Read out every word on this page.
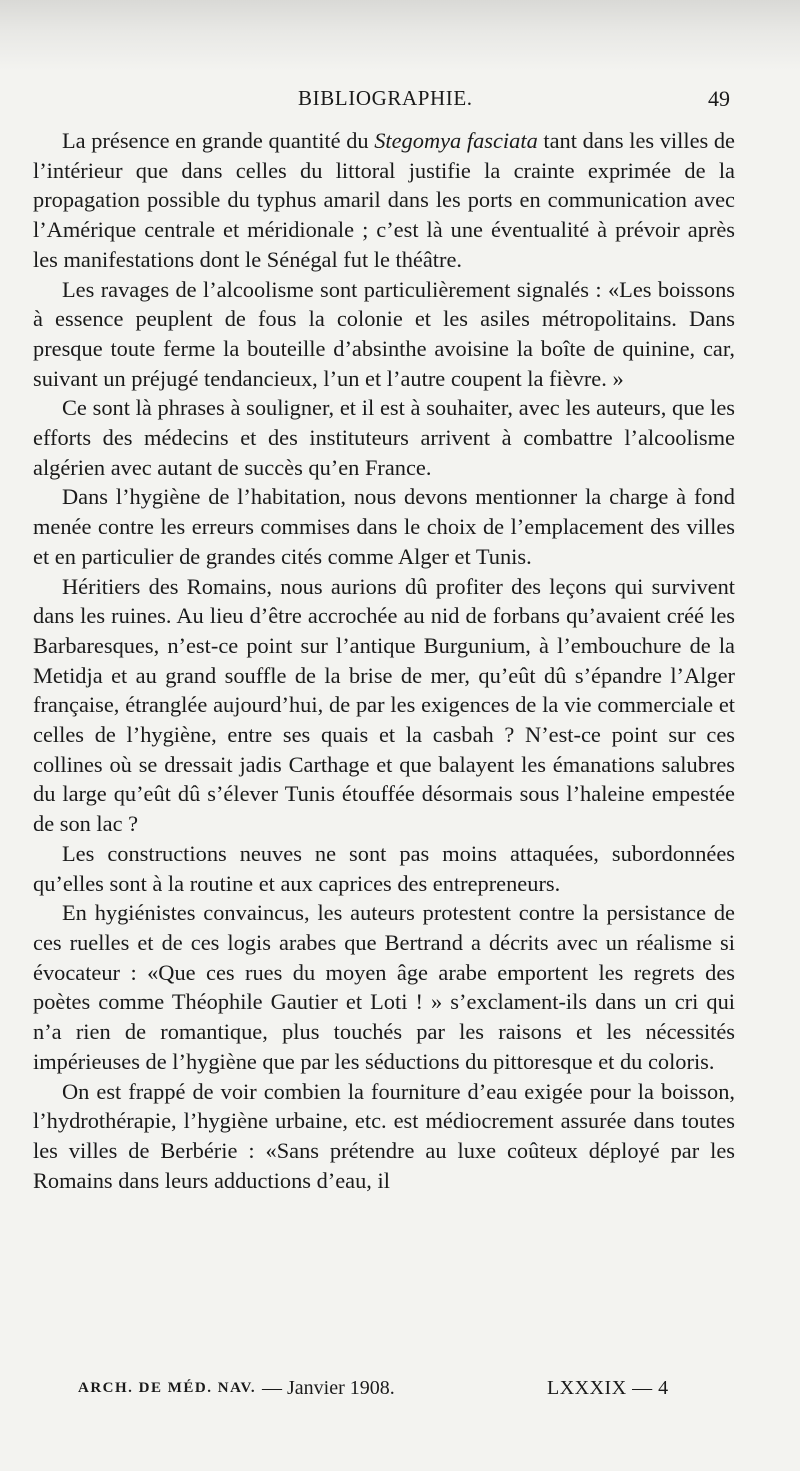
BIBLIOGRAPHIE.	49

La présence en grande quantité du Stegomya fasciata tant dans les villes de l’intérieur que dans celles du littoral justifie la crainte exprimée de la propagation possible du typhus amaril dans les ports en communication avec l’Amérique centrale et méridionale ; c’est là une éventualité à prévoir après les manifestations dont le Sénégal fut le théâtre.

Les ravages de l’alcoolisme sont particulièrement signalés : «Les boissons à essence peuplent de fous la colonie et les asiles métropolitains. Dans presque toute ferme la bouteille d’absinthe avoisine la boîte de quinine, car, suivant un préjugé tendancieux, l’un et l’autre coupent la fièvre. »

Ce sont là phrases à souligner, et il est à souhaiter, avec les auteurs, que les efforts des médecins et des instituteurs arrivent à combattre l’alcoolisme algérien avec autant de succès qu’en France.

Dans l’hygiène de l’habitation, nous devons mentionner la charge à fond menée contre les erreurs commises dans le choix de l’emplacement des villes et en particulier de grandes cités comme Alger et Tunis.

Héritiers des Romains, nous aurions dû profiter des leçons qui survivent dans les ruines. Au lieu d’être accrochée au nid de forbans qu’avaient créé les Barbaresques, n’est-ce point sur l’antique Burgunium, à l’embouchure de la Metidja et au grand souffle de la brise de mer, qu’eût dû s’épandre l’Alger française, étranglée aujourd’hui, de par les exigences de la vie commerciale et celles de l’hygiène, entre ses quais et la casbah ? N’est-ce point sur ces collines où se dressait jadis Carthage et que balayent les émanations salubres du large qu’eût dû s’élever Tunis étouffée désormais sous l’haleine empestée de son lac ?

Les constructions neuves ne sont pas moins attaquées, subordonnées qu’elles sont à la routine et aux caprices des entrepreneurs.

En hygiénistes convaincus, les auteurs protestent contre la persistance de ces ruelles et de ces logis arabes que Bertrand a décrits avec un réalisme si évocateur : «Que ces rues du moyen âge arabe emportent les regrets des poètes comme Théophile Gautier et Loti ! » s’exclament-ils dans un cri qui n’a rien de romantique, plus touchés par les raisons et les nécessités impérieuses de l’hygiène que par les séductions du pittoresque et du coloris.

On est frappé de voir combien la fourniture d’eau exigée pour la boisson, l’hydrothérapie, l’hygiène urbaine, etc. est médiocrement assurée dans toutes les villes de Berbérie : «Sans prétendre au luxe coûteux déployé par les Romains dans leurs adductions d’eau, il

ARCH. DE MÉD. NAV. — Janvier 1908.	LXXXIX — 4
